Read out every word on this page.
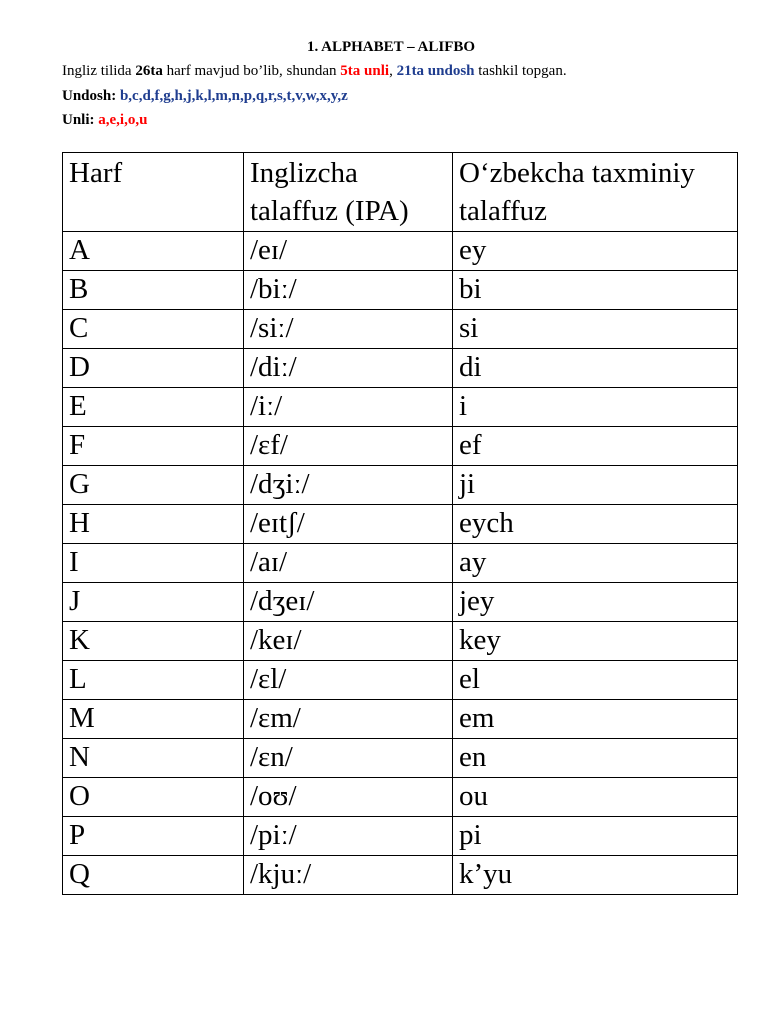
1. ALPHABET – ALIFBO
Ingliz tilida 26ta harf mavjud bo’lib, shundan 5ta unli, 21ta undosh tashkil topgan.
Undosh: b,c,d,f,g,h,j,k,l,m,n,p,q,r,s,t,v,w,x,y,z
Unli: a,e,i,o,u
Harf	Inglizcha talaffuz (IPA)	O‘zbekcha taxminiy talaffuz
A	/eɪ/	ey
B	/biː/	bi
C	/siː/	si
D	/diː/	di
E	/iː/	i
F	/ɛf/	ef
G	/dʒiː/	ji
H	/eɪtʃ/	eych
I	/aɪ/	ay
J	/dʒeɪ/	jey
K	/keɪ/	key
L	/ɛl/	el
M	/ɛm/	em
N	/ɛn/	en
O	/oʊ/	ou
P	/piː/	pi
Q	/kjuː/	k’yu
